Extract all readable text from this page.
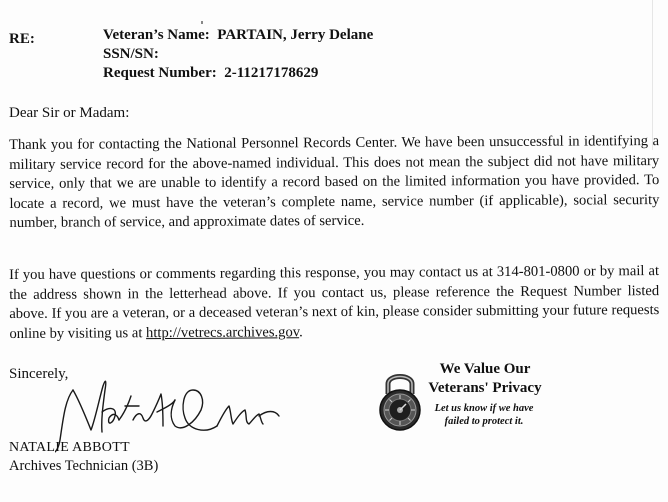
RE:	Veteran’s Name: PARTAIN, Jerry Delane
SSN/SN:
Request Number: 2-11217178629
Dear Sir or Madam:
Thank you for contacting the National Personnel Records Center. We have been unsuccessful in identifying a military service record for the above-named individual. This does not mean the subject did not have military service, only that we are unable to identify a record based on the limited information you have provided. To locate a record, we must have the veteran’s complete name, service number (if applicable), social security number, branch of service, and approximate dates of service.
If you have questions or comments regarding this response, you may contact us at 314-801-0800 or by mail at the address shown in the letterhead above. If you contact us, please reference the Request Number listed above. If you are a veteran, or a deceased veteran’s next of kin, please consider submitting your future requests online by visiting us at http://vetrecs.archives.gov.
Sincerely,
NATALIE ABBOTT
Archives Technician (3B)
We Value Our
Veterans' Privacy
Let us know if we have
failed to protect it.
